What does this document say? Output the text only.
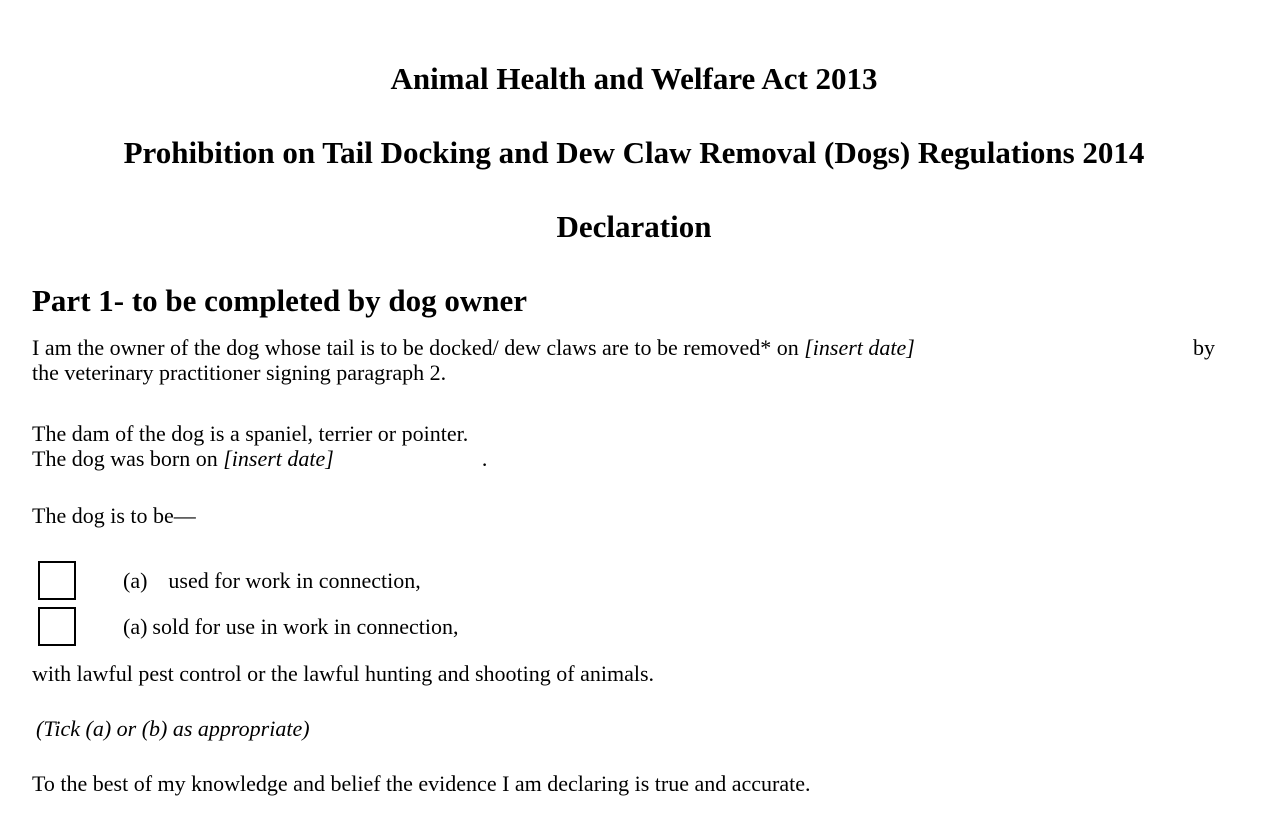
Animal Health and Welfare Act 2013
Prohibition on Tail Docking and Dew Claw Removal (Dogs) Regulations 2014
Declaration
Part 1- to be completed by dog owner
I am the owner of the dog whose tail is to be docked/ dew claws are to be removed* on [insert date]	by
the veterinary practitioner signing paragraph 2.
The dam of the dog is a spaniel, terrier or pointer.
The dog was born on [insert date]	.
The dog is to be—
(a) used for work in connection,
(a) sold for use in work in connection,
with lawful pest control or the lawful hunting and shooting of animals.
(Tick (a) or (b) as appropriate)
To the best of my knowledge and belief the evidence I am declaring is true and accurate.
